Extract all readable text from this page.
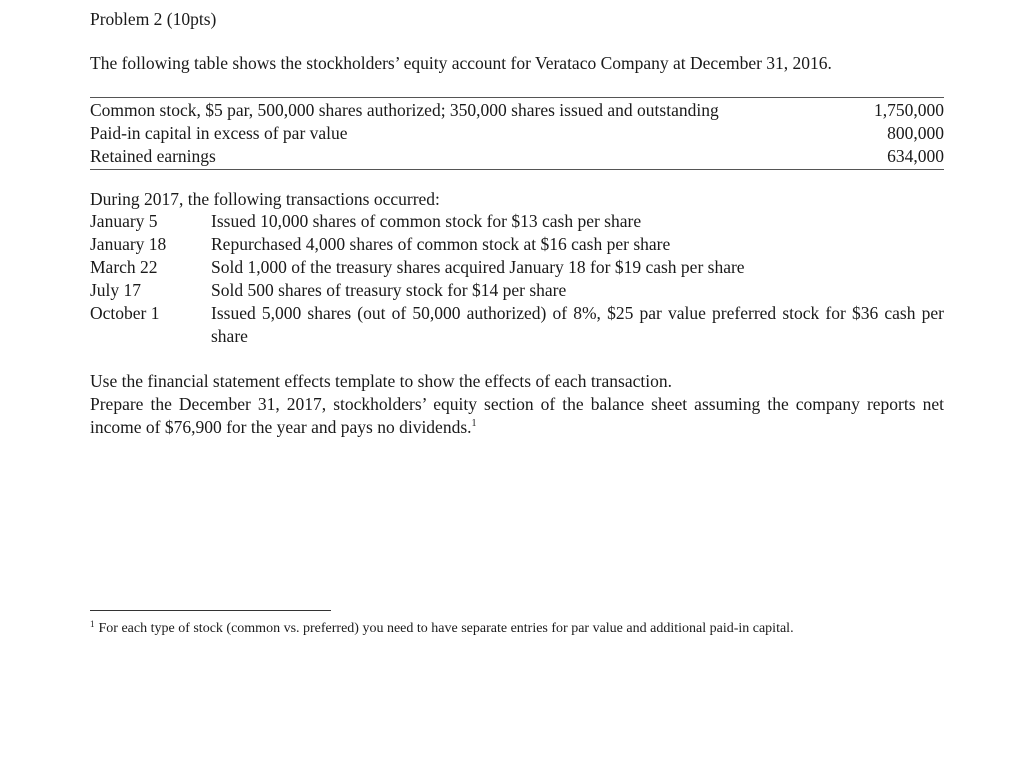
Problem 2 (10pts)
The following table shows the stockholders’ equity account for Verataco Company at December 31, 2016.
Common stock, $5 par, 500,000 shares authorized; 350,000 shares issued and outstanding	1,750,000
Paid-in capital in excess of par value	800,000
Retained earnings	634,000
During 2017, the following transactions occurred:
January 5	Issued 10,000 shares of common stock for $13 cash per share
January 18	Repurchased 4,000 shares of common stock at $16 cash per share
March 22	Sold 1,000 of the treasury shares acquired January 18 for $19 cash per share
July 17	Sold 500 shares of treasury stock for $14 per share
October 1	Issued 5,000 shares (out of 50,000 authorized) of 8%, $25 par value preferred stock for $36 cash per share

Use the financial statement effects template to show the effects of each transaction.

Prepare the December 31, 2017, stockholders’ equity section of the balance sheet assuming the company reports net income of $76,900 for the year and pays no dividends.$^1$

$^1$ For each type of stock (common vs. preferred) you need to have separate entries for par value and additional paid-in capital.
